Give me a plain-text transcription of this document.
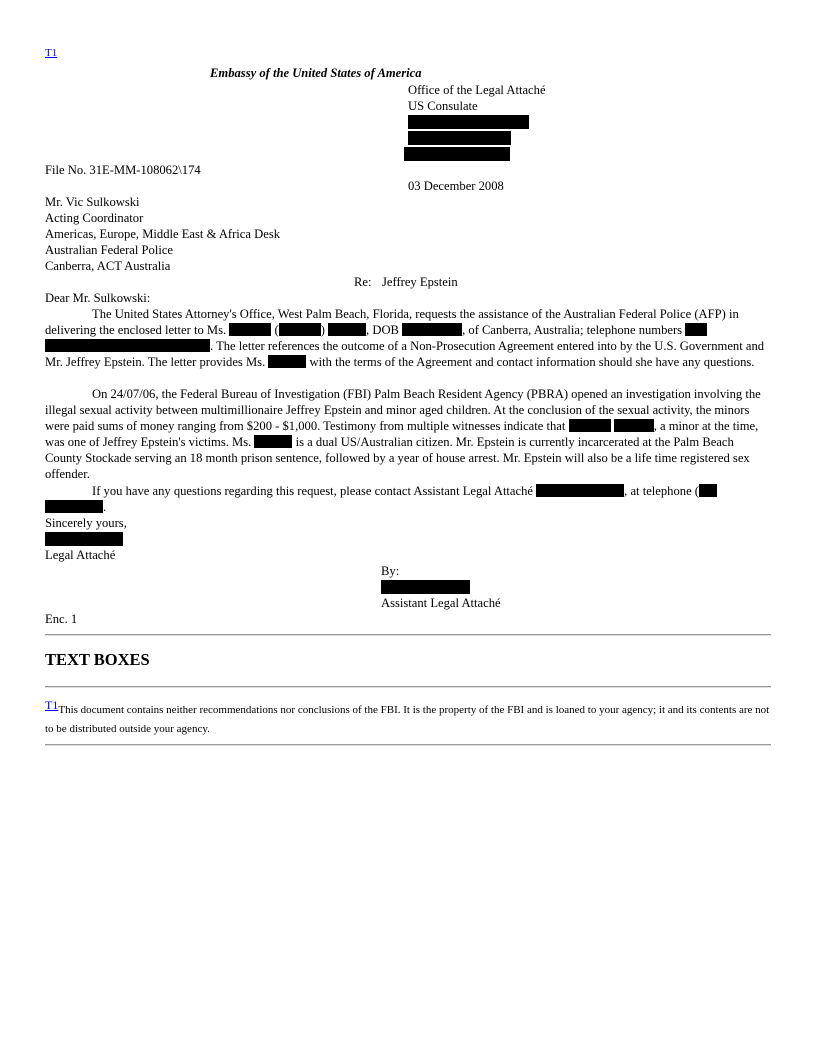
T1
Embassy of the United States of America
Office of the Legal Attaché
US Consulate
File No. 31E-MM-108062\174
03 December 2008
Mr. Vic Sulkowski
Acting Coordinator
Americas, Europe, Middle East & Africa Desk
Australian Federal Police
Canberra, ACT Australia
Re: Jeffrey Epstein
Dear Mr. Sulkowski:
The United States Attorney's Office, West Palm Beach, Florida, requests the assistance of the Australian Federal Police (AFP) in delivering the enclosed letter to Ms.	(	)	, DOB	, of Canberra, Australia; telephone numbers  . The letter references the outcome of a Non-Prosecution Agreement entered into by the U.S. Government and Mr. Jeffrey Epstein. The letter provides Ms.	with the terms of the Agreement and contact information should she have any questions.
On 24/07/06, the Federal Bureau of Investigation (FBI) Palm Beach Resident Agency (PBRA) opened an investigation involving the illegal sexual activity between multimillionaire Jeffrey Epstein and minor aged children. At the conclusion of the sexual activity, the minors were paid sums of money ranging from $200 - $1,000. Testimony from multiple witnesses indicate that	, a minor at the time, was one of Jeffrey Epstein's victims. Ms.	is a dual US/Australian citizen. Mr. Epstein is currently incarcerated at the Palm Beach County Stockade serving an 18 month prison sentence, followed by a year of house arrest. Mr. Epstein will also be a life time registered sex offender.
If you have any questions regarding this request, please contact Assistant Legal Attaché	, at telephone ( .
Sincerely yours,
Legal Attaché
By:
Assistant Legal Attaché
Enc. 1
TEXT BOXES
T1This document contains neither recommendations nor conclusions of the FBI. It is the property of the FBI and is loaned to your agency; it and its contents are not to be distributed outside your agency.
